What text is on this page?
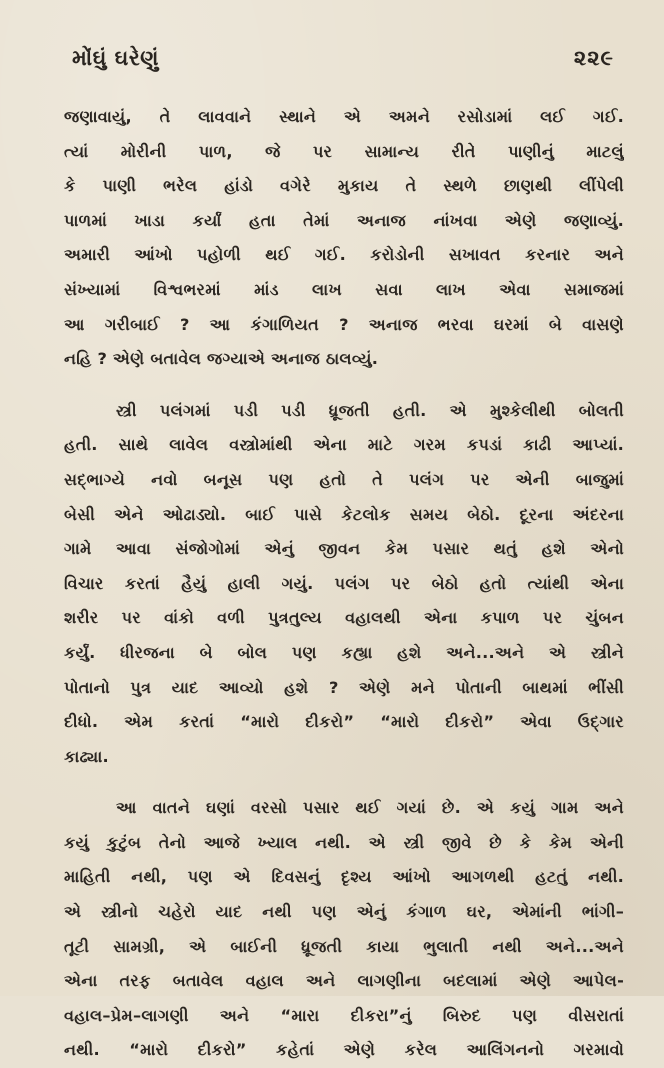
મોંઘું ઘરેણું	૨૨૯
જણાવાયું, તે લાવવાને સ્થાને એ અમને રસોડામાં લઈ ગઈ.
ત્યાં મોરીની પાળ, જે પર સામાન્ય રીતે પાણીનું માટલું
કે પાણી ભરેલ હાંડો વગેરે મુકાય તે સ્થળે છાણથી લીંપેલી
પાળમાં ખાડા કર્યાં હતા તેમાં અનાજ નાંખવા એણે જણાવ્યું.
અમારી આંખો પહોળી થઈ ગઈ. કરોડોની સખાવત કરનાર અને
સંખ્યામાં વિશ્વભરમાં માંડ લાખ સવા લાખ એવા સમાજમાં
આ ગરીબાઈ ? આ કંગાળિયત ? અનાજ ભરવા ઘરમાં બે વાસણે
નહિ ? એણે બતાવેલ જગ્યાએ અનાજ ઠાલવ્યું.
સ્ત્રી પલંગમાં પડી પડી ધ્રૂજતી હતી. એ મુશ્કેલીથી બોલતી
હતી. સાથે લાવેલ વસ્ત્રોમાંથી એના માટે ગરમ કપડાં કાઢી આપ્યાં.
સદ્ભાગ્યે નવો બનૂસ પણ હતો તે પલંગ પર એની બાજુમાં
બેસી એને ઓઢાડ્યો. બાઈ પાસે કેટલોક સમય બેઠો. દૂરના અંદરના
ગામે આવા સંજોગોમાં એનું જીવન કેમ પસાર થતું હશે એનો
વિચાર કરતાં હૈયું હાલી ગયું. પલંગ પર બેઠો હતો ત્યાંથી એના
શરીર પર વાંકો વળી પુત્રતુલ્ય વહાલથી એના કપાળ પર ચુંબન
કર્યું. ધીરજના બે બોલ પણ કહ્યા હશે અને...અને એ સ્ત્રીને
પોતાનો પુત્ર યાદ આવ્યો હશે ? એણે મને પોતાની બાથમાં ભીંસી
દીધો. એમ કરતાં “મારો દીકરો” “મારો દીકરો” એવા ઉદ્ગાર
કાઢ્યા.
આ વાતને ઘણાં વરસો પસાર થઈ ગયાં છે. એ કયું ગામ અને
કયું કુટુંબ તેનો આજે ખ્યાલ નથી. એ સ્ત્રી જીવે છે કે કેમ એની
માહિતી નથી, પણ એ દિવસનું દૃશ્ય આંખો આગળથી હટતું નથી.
એ સ્ત્રીનો ચહેરો યાદ નથી પણ એનું કંગાળ ઘર, એમાંની ભાંગી–
તૂટી સામગ્રી, એ બાઈની ધ્રૂજતી કાયા ભુલાતી નથી અને...અને
એના તરફ બતાવેલ વહાલ અને લાગણીના બદલામાં એણે આપેલ-
વહાલ–પ્રેમ–લાગણી અને “મારા દીકરા”નું બિરુદ પણ વીસરાતાં
નથી. “મારો દીકરો” કહેતાં એણે કરેલ આલિંગનનો ગરમાવો
